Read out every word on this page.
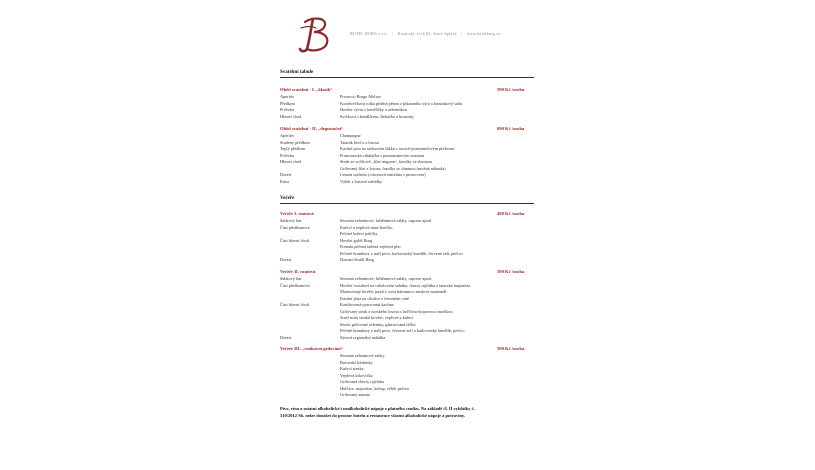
HOTEL BURG s.r.o. | Kaunický vrch 82, Staré Splavy | www.hotelburg.cz
Svatební tabule
Oběd svatební - I. „klasik“	590 Kč /osoba
Aperitiv	Prosecco Borgo Molino
Předkrm	Kozobrečková rolka plněná pěnou z pikantního sýra a brusinkový salát
Polévka	Hovězí vývar s knedlíčky a zeleninkou
Hlavní chod	Svíčková s knedlíkem, šlehačka a brusinky
Oběd svatební - II. „degustační“	690 Kč /osoba
Aperitiv	Champagne
Studený předkrm	Tatarák beef a z lososa
Teplý předkrm	Kachní prsa na salátovém lůžku s rasově-pomerančovým přelivem
Polévka	Francouzská cibulačka s parmazánovým toustem
Hlavní chod	Steak ze svíčkové „filet mignon“, fazolky se slaninou
Grilovaný filet z lososa, fazolky se slaninou (možná náhrada)
Dezert	Lemon sorbetto (citronová zmrzlina s proseccem)
Káva	Výběr z kávové nabídky
Večeře
Večeře I. rautová	490 Kč /osoba
Salátový bar	Sezonní zeleninové, luštěninové saláty, caprese apod.
Část předkrmová	Kuřecí a vepřové mini řízečky,
Pečené kuřecí paličky
Část hlavní chod	Hovězí guláš Burg
Pomalu pečená tažená vepřová plec
Pečené brambory z naší pece, karlovarský knedlík, červené zelí, pečivo
Dezert	Domácí štrúdl Burg
Večeře II. rautová	590 Kč /osoba
Salátový bar	Sezonní zeleninové, luštěninové saláty, caprese apod.
Část předkrmová	Hovězí roastbeef na rukolovém salátku, cherry rajčátka a tatarská majonéza
Marinovaný hovězí jazyk v sosu balsamico-medové marinádě
Kachní játra na cibulce a červeném víně
Část hlavní chod	Konfitovaná porcovaná kachna
Grilovaný steak z norského lososa s hořčično-koprovou omáčkou
Srnčí mini steaků hovězí, vepřové a kuřecí
Sezón grilované zeleniny, glazírovaná téčka
Pečené brambory z naší pece, červené zelí a karlovarský knedlík, pečivo
Dezert	Sýrová regionální nabídka
Večeře III. „venkovní grilování“	590 Kč /osoba
Sezonní zeleninové saláty
Bavorské klobásky
Kuřecí steaky
Vepřová krkovička
Grilovaná cherry rajčátka
Hořčice, majonéza, kečup, výběr pečiva
Grilovaný ananas
Pivo, vína a ostatní alkoholické i nealkoholické nápoje z platného ceníku. Na základě čl. II vyhlášky č.
310/2012 Sb. nelze donášet do prostor hotelu a restaurace vlastní alkoholické nápoje a potraviny.
